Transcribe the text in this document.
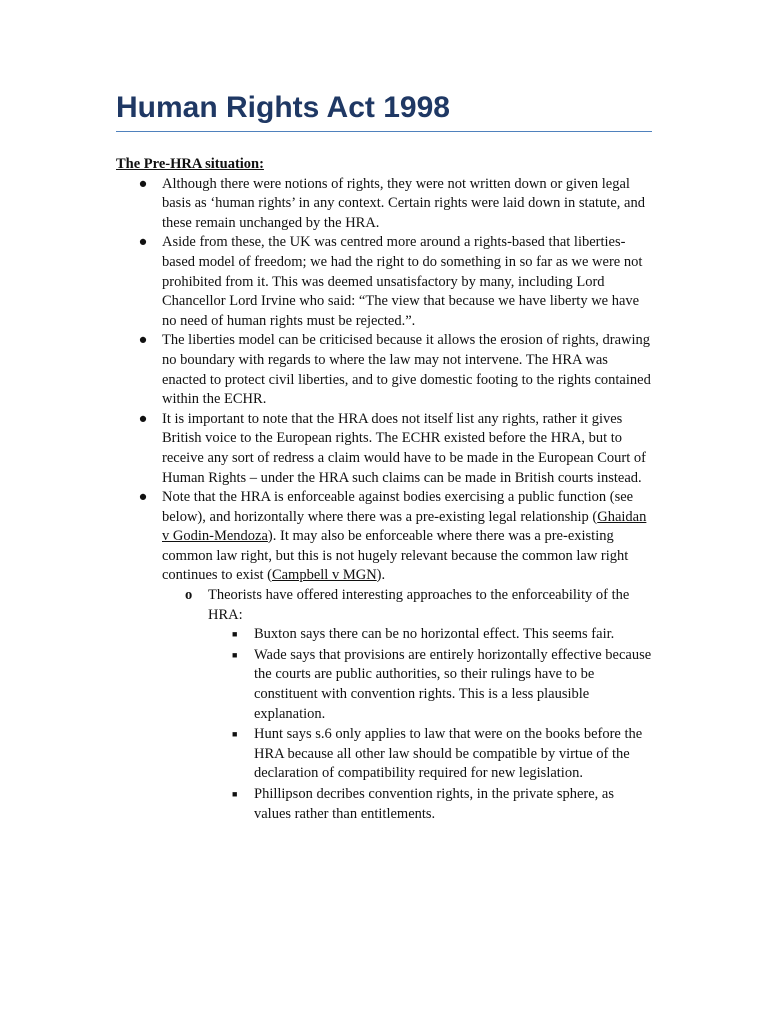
Human Rights Act 1998
The Pre-HRA situation:
● Although there were notions of rights, they were not written down or given legal basis as ‘human rights’ in any context. Certain rights were laid down in statute, and these remain unchanged by the HRA.
● Aside from these, the UK was centred more around a rights-based that liberties-based model of freedom; we had the right to do something in so far as we were not prohibited from it. This was deemed unsatisfactory by many, including Lord Chancellor Lord Irvine who said: “The view that because we have liberty we have no need of human rights must be rejected.”.
● The liberties model can be criticised because it allows the erosion of rights, drawing no boundary with regards to where the law may not intervene. The HRA was enacted to protect civil liberties, and to give domestic footing to the rights contained within the ECHR.
● It is important to note that the HRA does not itself list any rights, rather it gives British voice to the European rights. The ECHR existed before the HRA, but to receive any sort of redress a claim would have to be made in the European Court of Human Rights – under the HRA such claims can be made in British courts instead.
● Note that the HRA is enforceable against bodies exercising a public function (see below), and horizontally where there was a pre-existing legal relationship (Ghaidan v Godin-Mendoza). It may also be enforceable where there was a pre-existing common law right, but this is not hugely relevant because the common law right continues to exist (Campbell v MGN).
o Theorists have offered interesting approaches to the enforceability of the HRA:
■ Buxton says there can be no horizontal effect. This seems fair.
■ Wade says that provisions are entirely horizontally effective because the courts are public authorities, so their rulings have to be constituent with convention rights. This is a less plausible explanation.
■ Hunt says s.6 only applies to law that were on the books before the HRA because all other law should be compatible by virtue of the declaration of compatibility required for new legislation.
■ Phillipson decribes convention rights, in the private sphere, as values rather than entitlements.
